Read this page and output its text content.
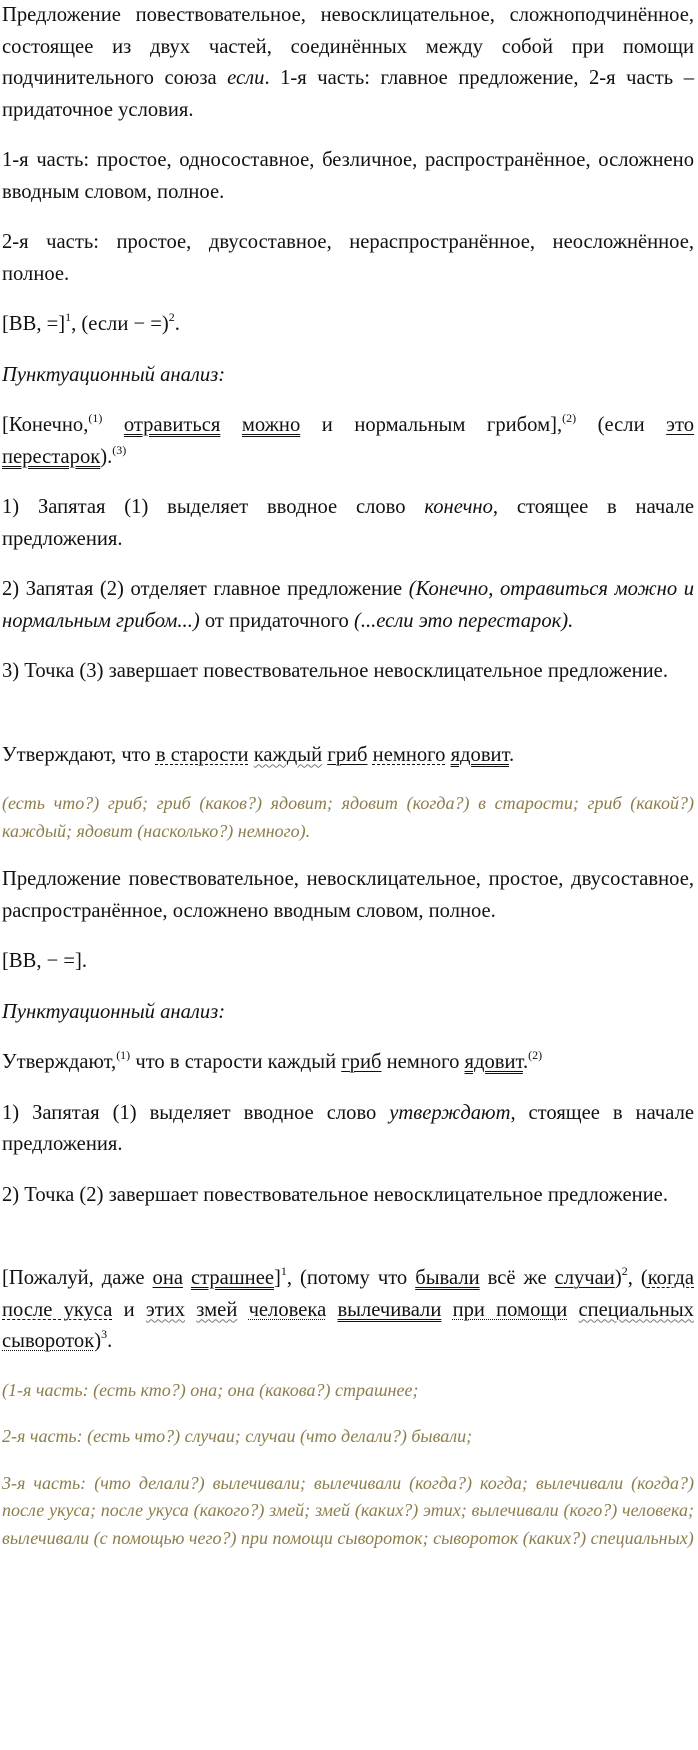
Предложение повествовательное, невосклицательное, сложноподчинённое, состоящее из двух частей, соединённых между собой при помощи подчинительного союза если. 1-я часть: главное предложение, 2-я часть – придаточное условия.

1-я часть: простое, односоставное, безличное, распространённое, осложнено вводным словом, полное.

2-я часть: простое, двусоставное, нераспространённое, неосложнённое, полное.

[ВВ, =]$^1$, (если − =)$^2$.

Пунктуационный анализ:

[Конечно,$^{(1)}$ отравиться можно и нормальным грибом],$^{(2)}$ (если это перестарок).$^{(3)}$

1) Запятая (1) выделяет вводное слово конечно, стоящее в начале предложения.

2) Запятая (2) отделяет главное предложение (Конечно, отравиться можно и нормальным грибом...) от придаточного (...если это перестарок).

3) Точка (3) завершает повествовательное невосклицательное предложение.

Утверждают, что в старости каждый гриб немного ядовит.

(есть что?) гриб; гриб (каков?) ядовит; ядовит (когда?) в старости; гриб (какой?) каждый; ядовит (насколько?) немного).

Предложение повествовательное, невосклицательное, простое, двусоставное, распространённое, осложнено вводным словом, полное.

[ВВ, − =].

Пунктуационный анализ:

Утверждают,$^{(1)}$ что в старости каждый гриб немного ядовит.$^{(2)}$

1) Запятая (1) выделяет вводное слово утверждают, стоящее в начале предложения.

2) Точка (2) завершает повествовательное невосклицательное предложение.

[Пожалуй, даже она страшнее]$^1$, (потому что бывали всё же случаи)$^2$, (когда после укуса и этих змей человека вылечивали при помощи специальных сывороток)$^3$.

(1-я часть: (есть кто?) она; она (какова?) страшнее;

2-я часть: (есть что?) случаи; случаи (что делали?) бывали;

3-я часть: (что делали?) вылечивали; вылечивали (когда?) когда; вылечивали (когда?) после укуса; после укуса (какого?) змей; змей (каких?) этих; вылечивали (кого?) человека; вылечивали (с помощью чего?) при помощи сывороток; сывороток (каких?) специальных)
